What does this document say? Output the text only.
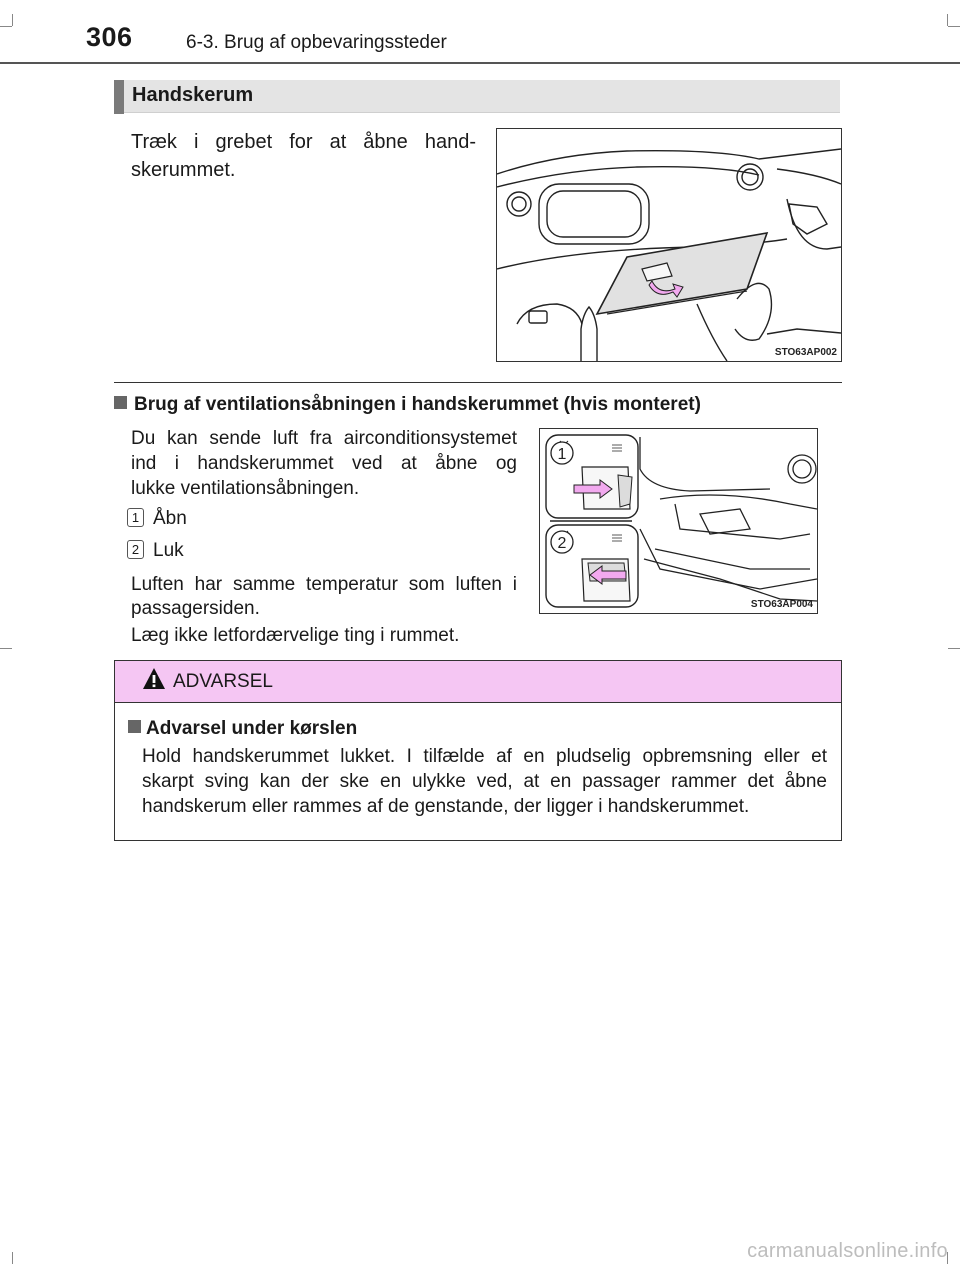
306	6-3. Brug af opbevaringssteder
Handskerum
Træk i grebet for at åbne hand-
skerummet.
STO63AP002
Brug af ventilationsåbningen i handskerummet (hvis monteret)
Du kan sende luft fra airconditionsystemet
ind i handskerummet ved at åbne og
lukke ventilationsåbningen.
1 Åbn
2 Luk
Luften har samme temperatur som luften i
passagersiden.
Læg ikke letfordærvelige ting i rummet.
1
2
STO63AP004
ADVARSEL
Advarsel under kørslen
Hold handskerummet lukket. I tilfælde af en pludselig opbremsning eller et
skarpt sving kan der ske en ulykke ved, at en passager rammer det åbne
handskerum eller rammes af de genstande, der ligger i handskerummet.
carmanualsonline.info
